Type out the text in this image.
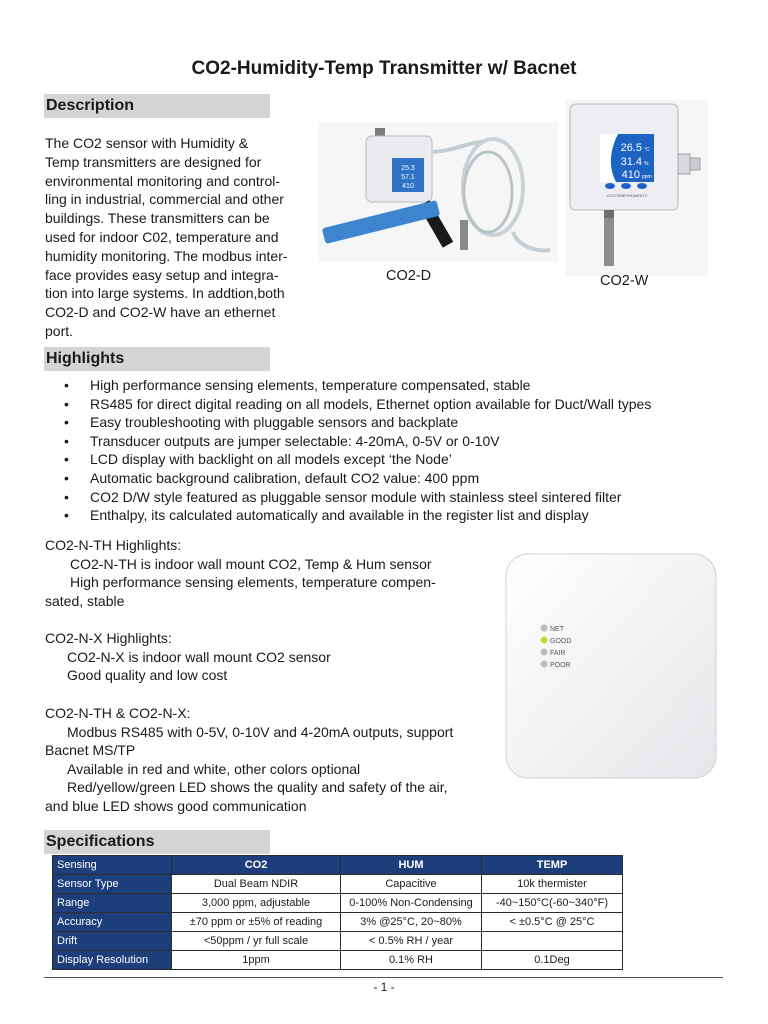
CO2-Humidity-Temp Transmitter w/ Bacnet
Description

The CO2 sensor with Humidity &

Temp transmitters are designed for

environmental monitoring and control-

ling in industrial, commercial and other

buildings. These transmitters can be

used for indoor C02, temperature and

humidity monitoring. The modbus inter-

face provides easy setup and integra-

tion into large systems. In addtion,both

CO2-D and CO2-W have an ethernet

port.

25.3
57.1
410
CO2-D
26.5 °C
31.4 %
410 ppm
CO2/TEMP/HUMIDITY
CO2-W
Highlights
• High performance sensing elements, temperature compensated, stable
• RS485 for direct digital reading on all models, Ethernet option available for Duct/Wall types
• Easy troubleshooting with pluggable sensors and backplate
• Transducer outputs are jumper selectable: 4-20mA, 0-5V or 0-10V
• LCD display with backlight on all models except ‘the Node’
• Automatic background calibration, default CO2 value: 400 ppm
• CO2 D/W style featured as pluggable sensor module with stainless steel sintered filter
• Enthalpy, its calculated automatically and available in the register list and display
CO2-N-TH Highlights:
CO2-N-TH is indoor wall mount CO2, Temp & Hum sensor
High performance sensing elements, temperature compen-
sated, stable
CO2-N-X Highlights:
CO2-N-X is indoor wall mount CO2 sensor
Good quality and low cost
CO2-N-TH & CO2-N-X:
Modbus RS485 with 0-5V, 0-10V and 4-20mA outputs, support
Bacnet MS/TP
Available in red and white, other colors optional
Red/yellow/green LED shows the quality and safety of the air,
and blue LED shows good communication
NET
GOOD
FAIR
POOR
Specifications
Sensing	CO2	HUM	TEMP
Sensor Type	Dual Beam NDIR	Capacitive	10k thermister
Range	3,000 ppm, adjustable	0-100% Non-Condensing	-40~150°C(-60~340°F)
Accuracy	±70 ppm or ±5% of reading	3% @25°C, 20~80%	< ±0.5°C @ 25°C
Drift	<50ppm / yr full scale	< 0.5% RH / year	
Display Resolution	1ppm	0.1% RH	0.1Deg
- 1 -
